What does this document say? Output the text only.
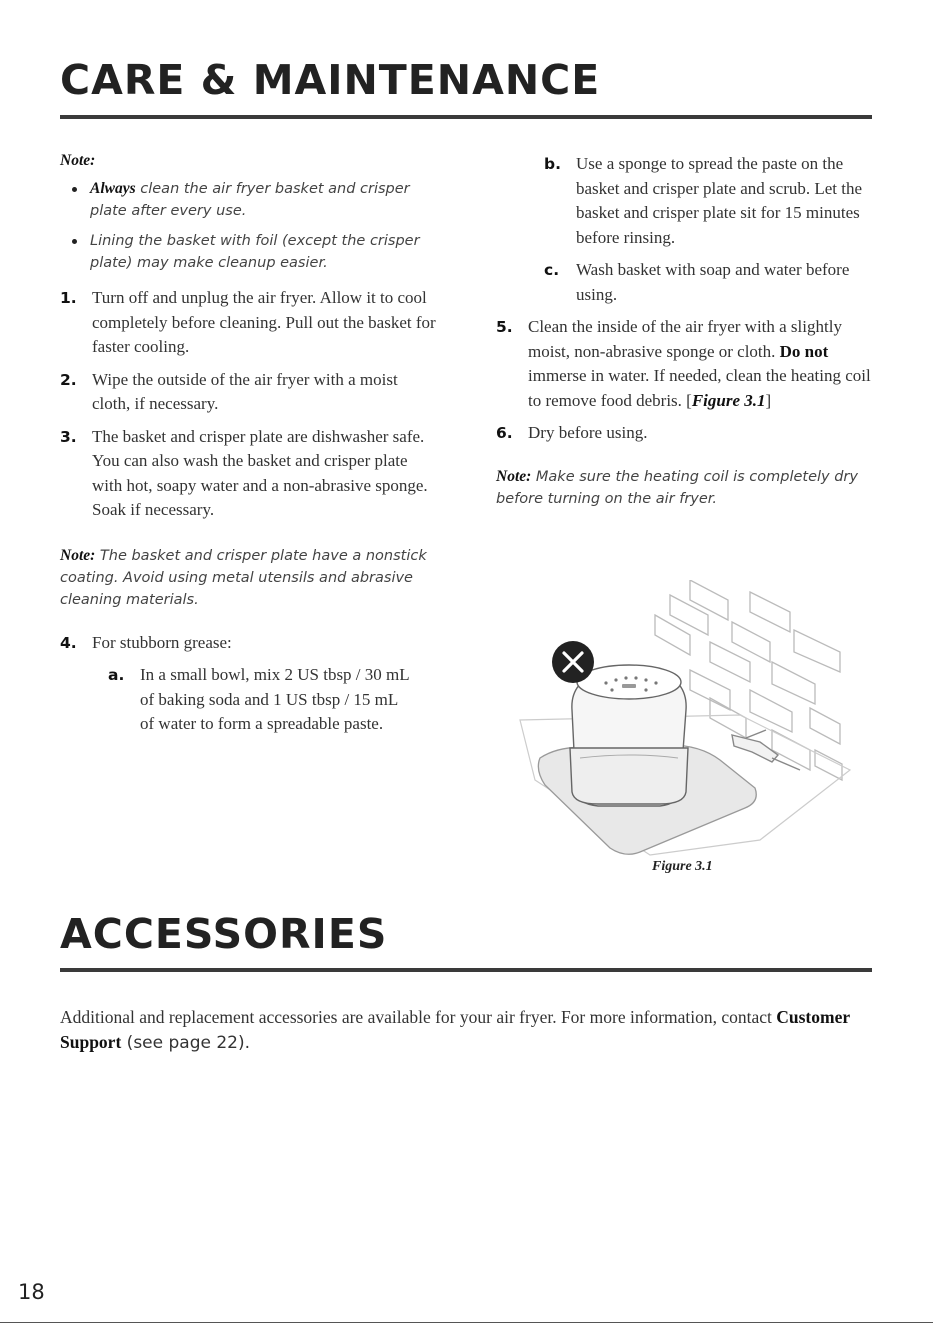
CARE & MAINTENANCE

Note:

Always clean the air fryer basket and crisper plate after every use.
Lining the basket with foil (except the crisper plate) may make cleanup easier.
1. Turn off and unplug the air fryer. Allow it to cool completely before cleaning. Pull out the basket for faster cooling.
2. Wipe the outside of the air fryer with a moist cloth, if necessary.
3. The basket and crisper plate are dishwasher safe. You can also wash the basket and crisper plate with hot, soapy water and a non-abrasive sponge. Soak if necessary.

Note: The basket and crisper plate have a nonstick coating. Avoid using metal utensils and abrasive cleaning materials.

4. For stubborn grease:
a. In a small bowl, mix 2 US tbsp / 30 mL of baking soda and 1 US tbsp / 15 mL of water to form a spreadable paste.
b. Use a sponge to spread the paste on the basket and crisper plate and scrub. Let the basket and crisper plate sit for 15 minutes before rinsing.
c. Wash basket with soap and water before using.
5. Clean the inside of the air fryer with a slightly moist, non-abrasive sponge or cloth. Do not immerse in water. If needed, clean the heating coil to remove food debris. [Figure 3.1]
6. Dry before using.

Note: Make sure the heating coil is completely dry before turning on the air fryer.

Figure 3.1

ACCESSORIES

Additional and replacement accessories are available for your air fryer. For more information, contact Customer Support (see page 22).

18
